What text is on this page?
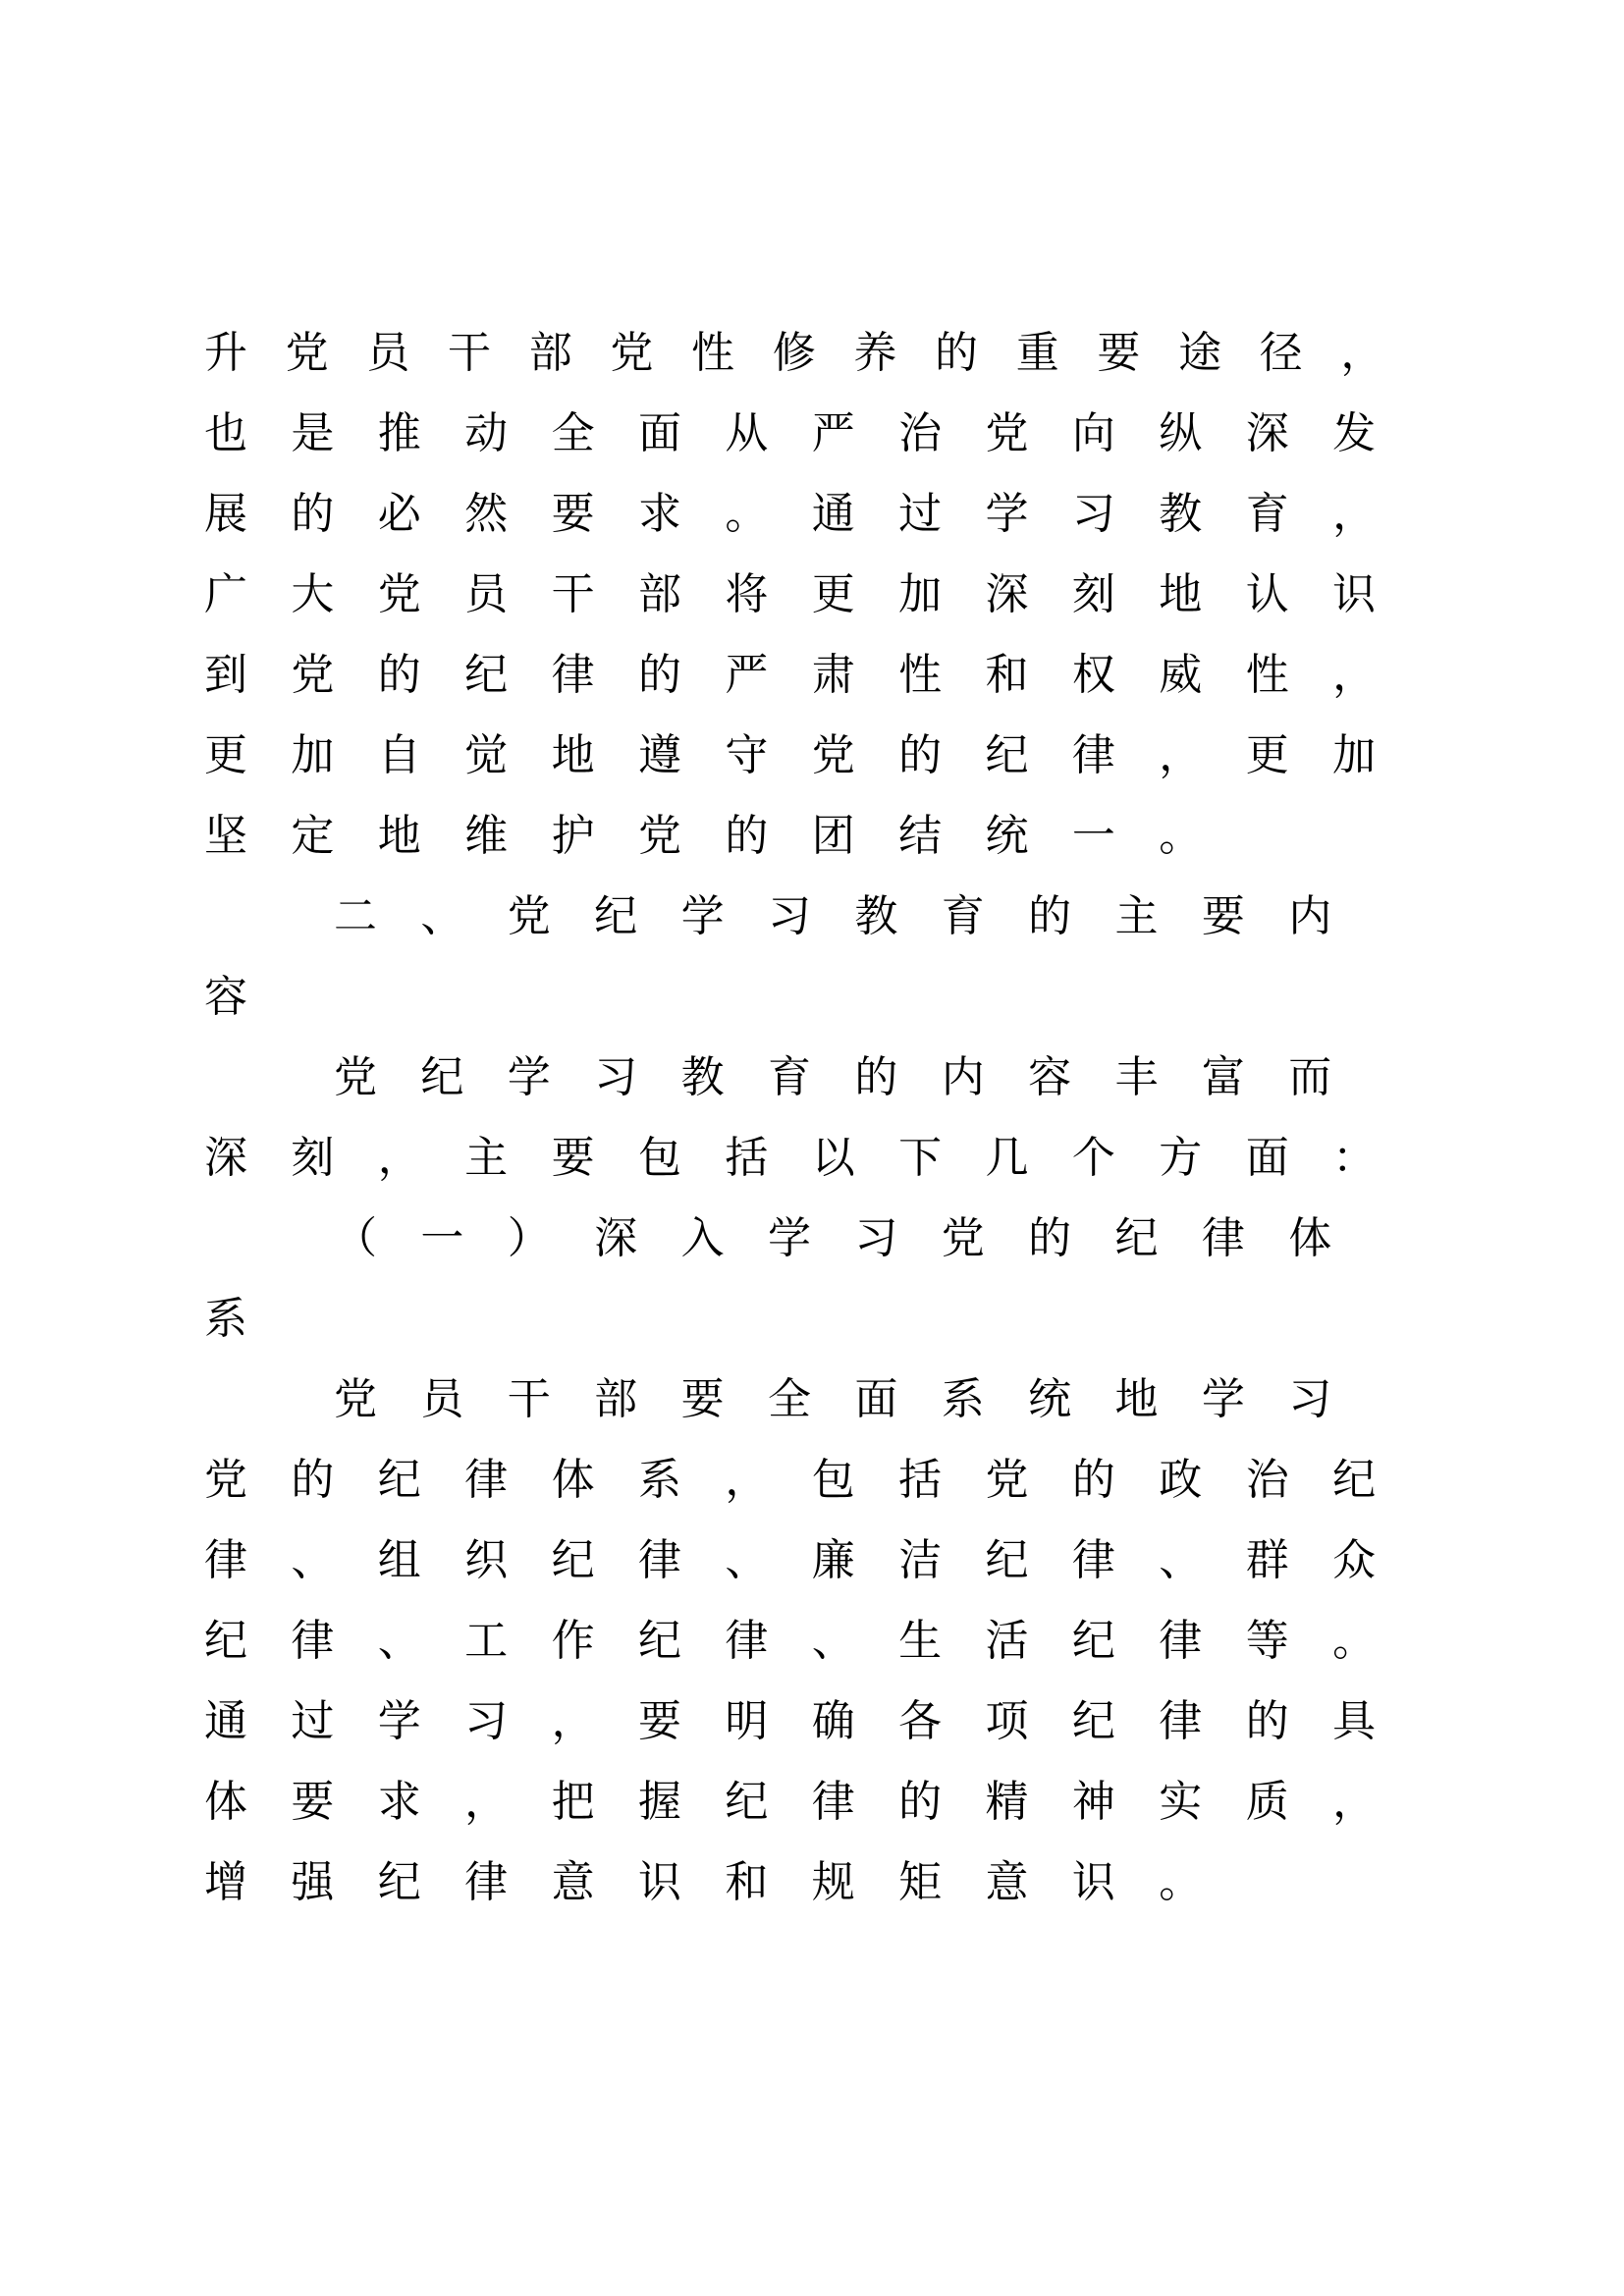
升 党 员 干 部 党 性 修 养 的 重 要 途 径 ，
也	是	推	动	全	面	从	严	治	党	向	纵	深	发
展	的	必	然	要	求	。	通	过	学	习	教	育	，
广	大	党	员	干	部	将	更	加	深	刻	地	认	识
到	党	的	纪	律	的	严	肃	性	和	权	威	性	，
更	加	自	觉	地	遵	守	党	的	纪	律	，	更	加
坚	定	地	维	护	党	的	团	结	统	一	。
二	、	党	纪	学	习	教	育	的	主	要	内
容
党	纪	学	习	教	育	的	内	容	丰	富	而
深	刻	，	主	要	包	括	以	下	几	个	方	面	：
（	一	）	深	入	学	习	党	的	纪	律	体
系
党	员	干	部	要	全	面	系	统	地	学	习
党	的	纪	律	体	系	，	包	括	党	的	政	治	纪
律	、	组	织	纪	律	、	廉	洁	纪	律	、	群	众
纪	律	、	工	作	纪	律	、	生	活	纪	律	等	。
通	过	学	习	，	要	明	确	各	项	纪	律	的	具
体	要	求	，	把	握	纪	律	的	精	神	实	质	，
增	强	纪	律	意	识	和	规	矩	意	识	。
